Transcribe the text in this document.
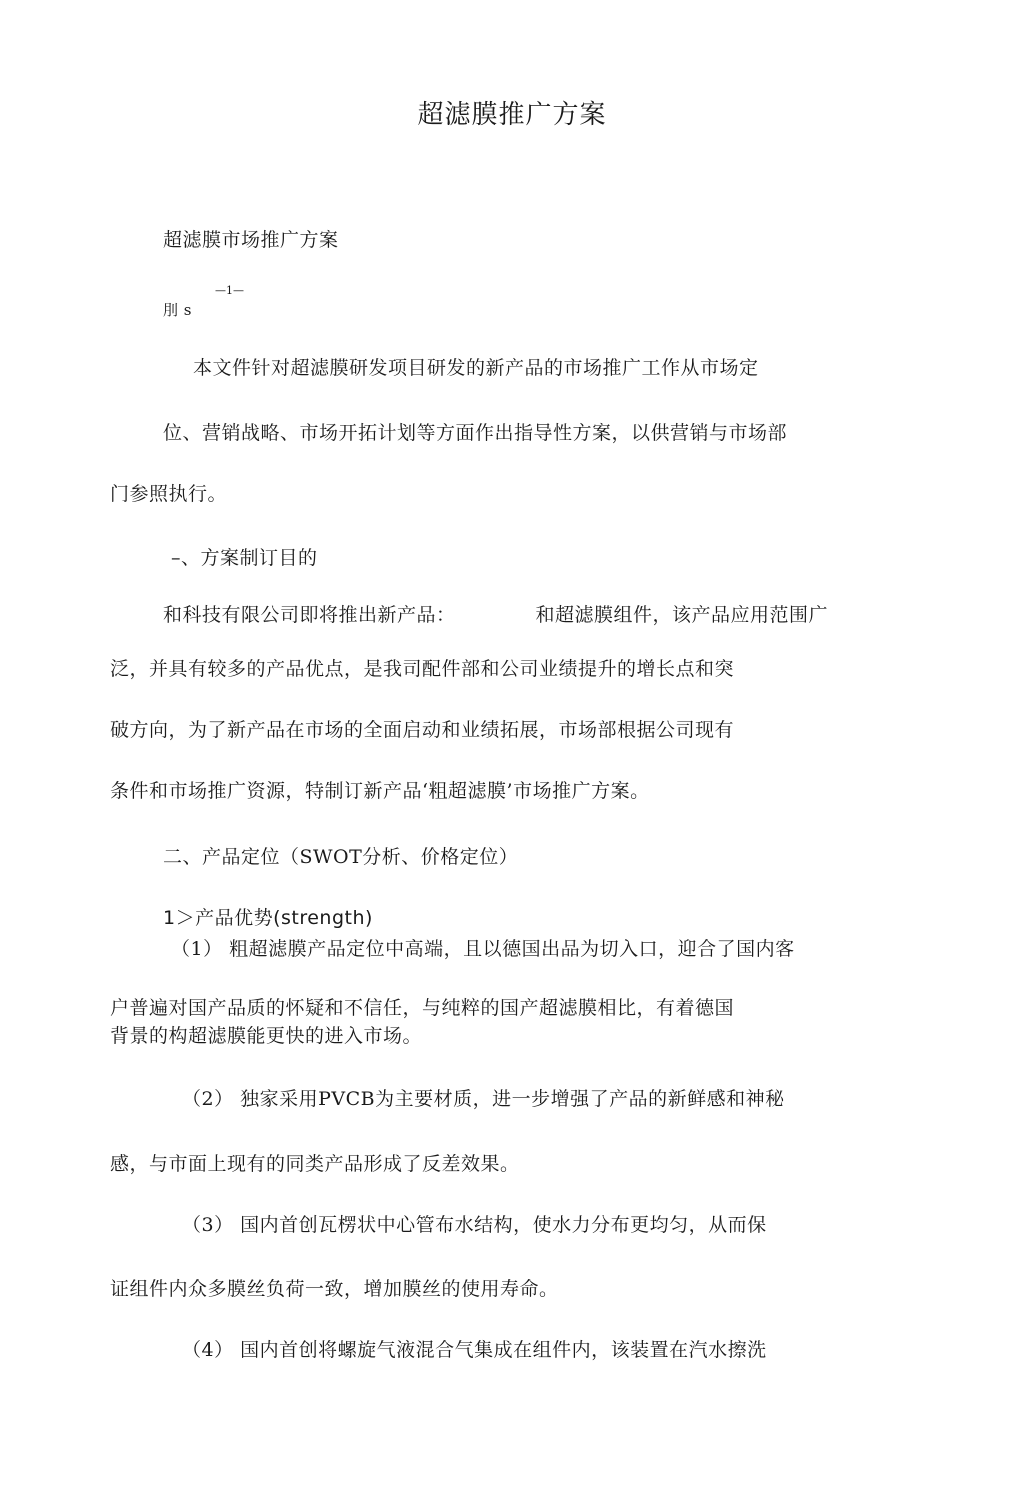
超滤膜推广方案
超滤膜市场推广方案
—1—
刖 s
本文件针对超滤膜研发项目研发的新产品的市场推广工作从市场定
位、营销战略、市场开拓计划等方面作出指导性方案，以供营销与市场部
门参照执行。
–、方案制订目的
和科技有限公司即将推出新产品：	和超滤膜组件，该产品应用范围广
泛，并具有较多的产品优点，是我司配件部和公司业绩提升的增长点和突
破方向，为了新产品在市场的全面启动和业绩拓展，市场部根据公司现有
条件和市场推广资源，特制订新产品‘粗超滤膜’市场推广方案。
二、产品定位（SWOT分析、价格定位）
1＞产品优势(strength)
（1） 粗超滤膜产品定位中高端，且以德国出品为切入口，迎合了国内客
户普遍对国产品质的怀疑和不信任，与纯粹的国产超滤膜相比，有着德国
背景的构超滤膜能更快的进入市场。
（2） 独家采用PVCB为主要材质，进一步增强了产品的新鲜感和神秘
感，与市面上现有的同类产品形成了反差效果。
（3） 国内首创瓦楞状中心管布水结构，使水力分布更均匀，从而保
证组件内众多膜丝负荷一致，增加膜丝的使用寿命。
（4） 国内首创将螺旋气液混合气集成在组件内，该装置在汽水擦洗
